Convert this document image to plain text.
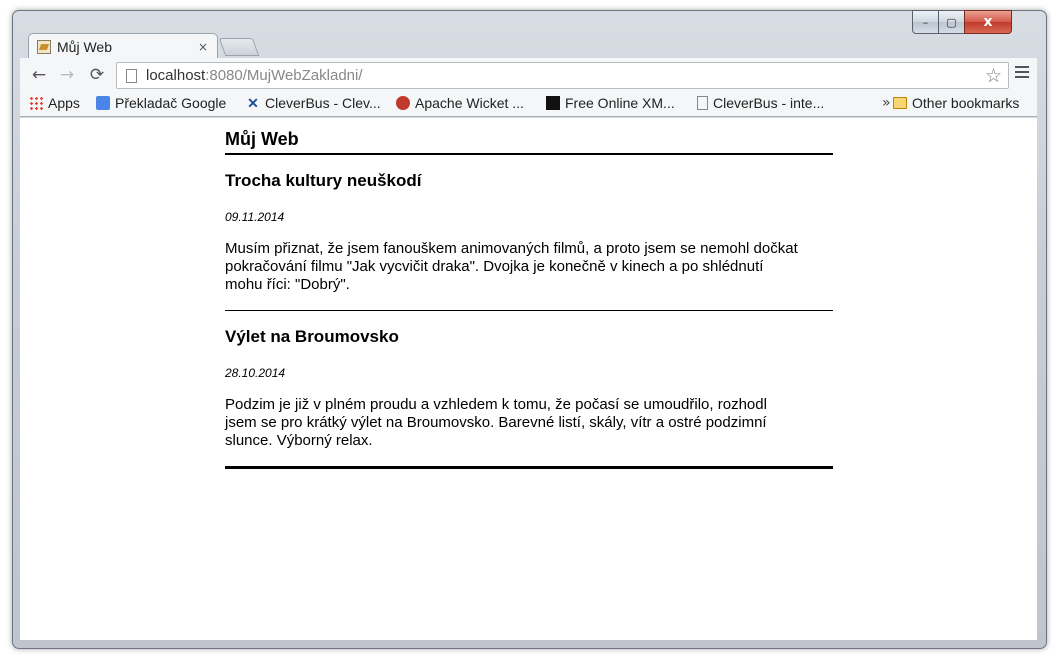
– ▢ x
Můj Web	×
← → ⟳	localhost:8080/MujWebZakladni/	☆
Apps	Překladač Google ✕ CleverBus - Clev... Apache Wicket ...	Free Online XM...	CleverBus - inte...	» Other bookmarks
Můj Web
Trocha kultury neuškodí
09.11.2014
Musím přiznat, že jsem fanouškem animovaných filmů, a proto jsem se nemohl dočkat pokračování filmu "Jak vycvičit draka". Dvojka je konečně v kinech a po shlédnutí mohu říci: "Dobrý".
Výlet na Broumovsko
28.10.2014
Podzim je již v plném proudu a vzhledem k tomu, že počasí se umoudřilo, rozhodl jsem se pro krátký výlet na Broumovsko. Barevné listí, skály, vítr a ostré podzimní slunce. Výborný relax.
